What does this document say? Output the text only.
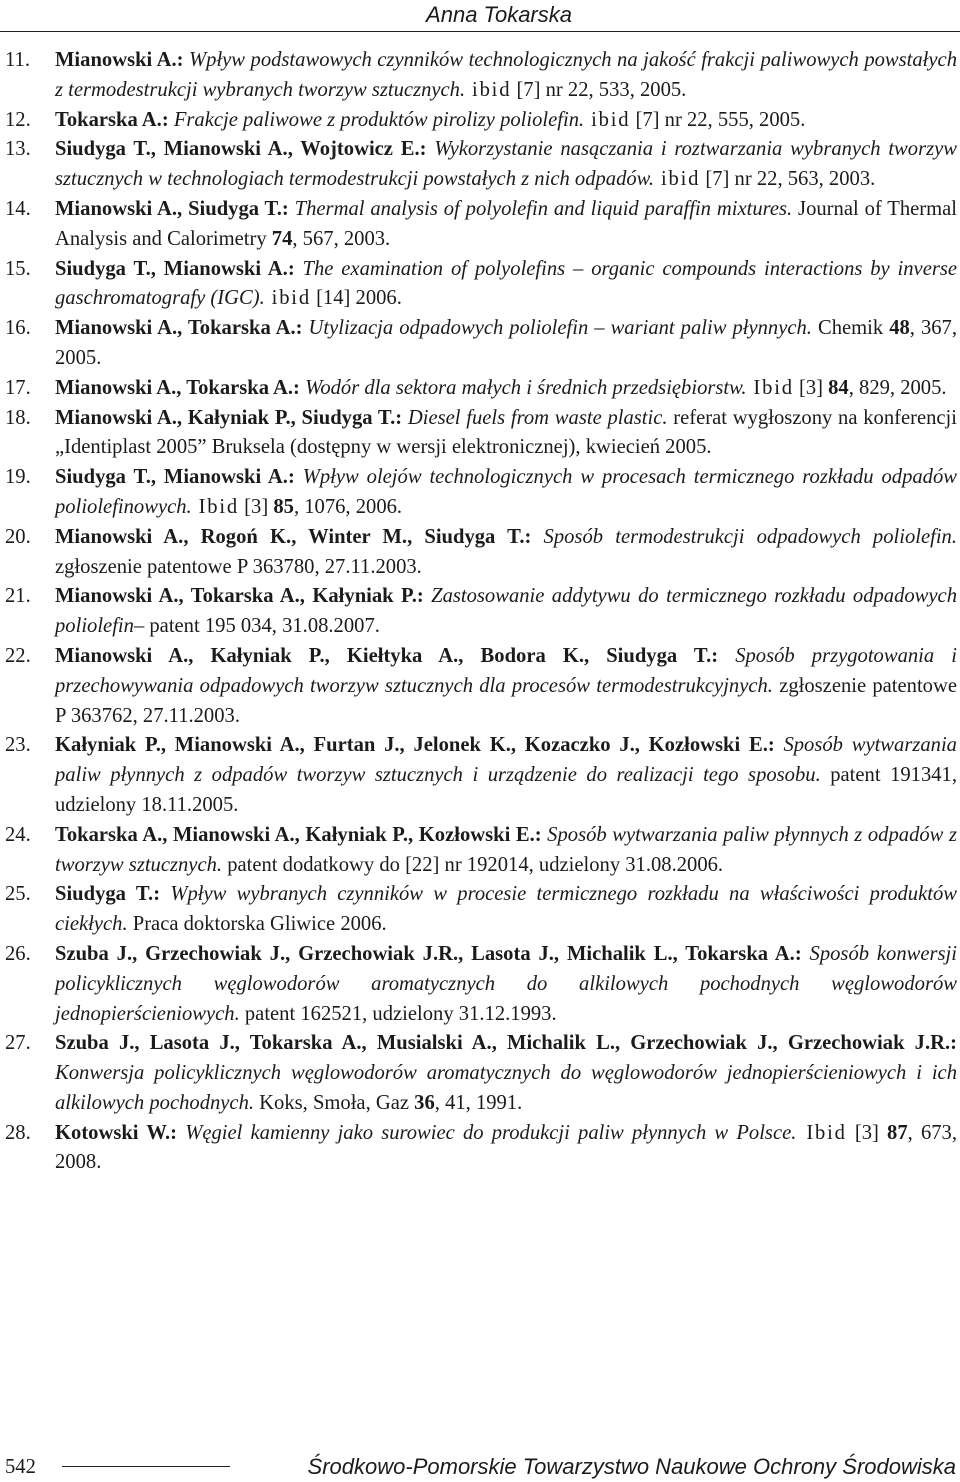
Anna Tokarska
11. Mianowski A.: Wpływ podstawowych czynników technologicznych na jakość frakcji paliwowych powstałych z termodestrukcji wybranych tworzyw sztucznych. ibid [7] nr 22, 533, 2005.
12. Tokarska A.: Frakcje paliwowe z produktów pirolizy poliolefin. ibid [7] nr 22, 555, 2005.
13. Siudyga T., Mianowski A., Wojtowicz E.: Wykorzystanie nasączania i roztwarzania wybranych tworzyw sztucznych w technologiach termodestrukcji powstałych z nich odpadów. ibid [7] nr 22, 563, 2003.
14. Mianowski A., Siudyga T.: Thermal analysis of polyolefin and liquid paraffin mixtures. Journal of Thermal Analysis and Calorimetry 74, 567, 2003.
15. Siudyga T., Mianowski A.: The examination of polyolefins – organic compounds interactions by inverse gaschromatografy (IGC). ibid [14] 2006.
16. Mianowski A., Tokarska A.: Utylizacja odpadowych poliolefin – wariant paliw płynnych. Chemik 48, 367, 2005.
17. Mianowski A., Tokarska A.: Wodór dla sektora małych i średnich przedsiębiorstw. Ibid [3] 84, 829, 2005.
18. Mianowski A., Kałyniak P., Siudyga T.: Diesel fuels from waste plastic. referat wygłoszony na konferencji „Identiplast 2005” Bruksela (dostępny w wersji elektronicznej), kwiecień 2005.
19. Siudyga T., Mianowski A.: Wpływ olejów technologicznych w procesach termicznego rozkładu odpadów poliolefinowych. Ibid [3] 85, 1076, 2006.
20. Mianowski A., Rogoń K., Winter M., Siudyga T.: Sposób termodestrukcji odpadowych poliolefin. zgłoszenie patentowe P 363780, 27.11.2003.
21. Mianowski A., Tokarska A., Kałyniak P.: Zastosowanie addytywu do termicznego rozkładu odpadowych poliolefin– patent 195 034, 31.08.2007.
22. Mianowski A., Kałyniak P., Kiełtyka A., Bodora K., Siudyga T.: Sposób przygotowania i przechowywania odpadowych tworzyw sztucznych dla procesów termodestrukcyjnych. zgłoszenie patentowe P 363762, 27.11.2003.
23. Kałyniak P., Mianowski A., Furtan J., Jelonek K., Kozaczko J., Kozłowski E.: Sposób wytwarzania paliw płynnych z odpadów tworzyw sztucznych i urządzenie do realizacji tego sposobu. patent 191341, udzielony 18.11.2005.
24. Tokarska A., Mianowski A., Kałyniak P., Kozłowski E.: Sposób wytwarzania paliw płynnych z odpadów z tworzyw sztucznych. patent dodatkowy do [22] nr 192014, udzielony 31.08.2006.
25. Siudyga T.: Wpływ wybranych czynników w procesie termicznego rozkładu na właściwości produktów ciekłych. Praca doktorska Gliwice 2006.
26. Szuba J., Grzechowiak J., Grzechowiak J.R., Lasota J., Michalik L., Tokarska A.: Sposób konwersji policyklicznych węglowodorów aromatycznych do alkilowych pochodnych węglowodorów jednopierścieniowych. patent 162521, udzielony 31.12.1993.
27. Szuba J., Lasota J., Tokarska A., Musialski A., Michalik L., Grzechowiak J., Grzechowiak J.R.: Konwersja policyklicznych węglowodorów aromatycznych do węglowodorów jednopierścieniowych i ich alkilowych pochodnych. Koks, Smoła, Gaz 36, 41, 1991.
28. Kotowski W.: Węgiel kamienny jako surowiec do produkcji paliw płynnych w Polsce. Ibid [3] 87, 673, 2008.
542	Środkowo-Pomorskie Towarzystwo Naukowe Ochrony Środowiska
